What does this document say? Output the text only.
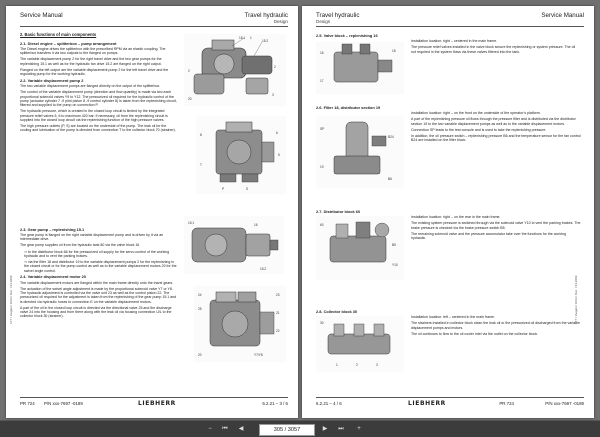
Service Manual	Travel hydraulic
Design
2. Basic functions of main components
2.1. Diesel engine – splitterbox – pump arrangement
The Diesel engine drives the splitterbox with the prescribed RPM via an elastic coupling. The splitterbox transfers it via two outputs to the flanged on pumps.
The variable displacement pump 2 for the right travel drive and the two gear pumps for the replenishing 15.1 as well as for the hydraulic fan drive 15.2 are flanged on the right output.
Flanged on the left output are the variable displacement pump 2 for the left travel drive and the regulating pump for the working hydraulic.
2.2. Variable displacement pump 2
The two variable displacement pumps are flanged directly on the output of the splitterbox.
The control of the variable displacement pump (direction and flow quantity) is made via two each proportional solenoid valves Y9 to Y12. The pressurized oil required for the hydraulic control of the pump (actuator cylinder 7 -9 pilot piston 8 -9 control cylinder 8) is taken from the replenishing circuit, filtered and supplied to the pump on connection P.
The hydraulic pressure, which is created in the closed loop circuit is limited by the integrated pressure relief valves 5, 6 to maximum 420 bar. If necessary, oil from the replenishing circuit is supplied into the closed loop circuit via the replenishing function of the high pressure valves.
The high pressure outlets (P, S) are located on the underside of the pump. The leak oil for the cooling and lubrication of the pump is directed from connection T to the collector block 70 (strainer).
2.3. Gear pump – replenishing 15.1
The gear pump is flanged on the right variable displacement pump and is driven by it via an intermediate drive.
The gear pump supplies oil from the hydraulic tank 80 via the valve block 16
⇒ to the distributor block 66 for the pressurized oil supply for the servo control of the working hydraulic and to vent the parking brakes.
⇒ via the filter 18 and distributor 19 to the variable displacement pumps 2 for the replenishing in the closed circuit or for the pump control as well as to the variable displacement motors 20 for the swivel angle control.
2.4. Variable displacement motor 20
The variable displacement motors are flanged within the main frame directly onto the travel gears.
The actuation of the swivel angle adjustment is made by the proportional solenoid valve Y7 or Y8. The hydraulic adjustment is controlled via the valve unit 23 as well as the control piston 22. The pressurized oil required for the adjustment is taken from the replenishing of the gear pump 15.1 and is directed via hydraulic hoses to connection E on the variable displacement motors.
A part of the oil in the closed loop circuit is directed via the directional valve 25 and the discharge valve 24 into the housing and from there along with the leak oil via housing connection U/L to the collector block 30 (strainer).
15.1 1
15.2
2
2
20
3
P	S
8	6
5
T
15.1	16
15.2
24
25
23
21
22
Y7/Y8
20
LFT / Inagaki / Orbit / Dec. / 04.2009
PR 724 P/N xxx-7697 -0189	LIEBHERR	6.2.21 – 3 / 6
Travel hydraulic
Design
Service Manual
2.5. Valve block – replenishing 16
Installation location: right – centered in the main frame.
The pressure relief valves installed in the valve block secure the replenishing or system pressure. The oil not required in the system flows via these valves filtered into the tank.
2.6. Filter 18, distributor section 19
Installation location: right – on the front on the underside of the operator’s platform.
A part of the replenishing pressure oil flows through the pressure filter and is distributed via the distributor section 19 to the two variable displacement pumps as well as to the variable displacement motors.
Connection SP leads to the test console and is used to take the replenishing pressure.
In addition, the oil pressure switch – replenishing pressure B6 and the temperature sensor for the fan control B24 are installed on the filter block.
2.7. Distributor block 60
Installation location: right – on the rear in the main frame.
The existing system pressure is switched through via the solenoid valve Y10 to vent the parking brakes. The brake pressure is checked via the brake pressure switch B5.
The remaining solenoid valve and the pressure accumulator take over the functions for the working hydraulic.
2.8. Collector block 30
Installation location: left – centered in the main frame.
The strainers installed in collector block clean the leak oil or the pressurized oil discharged from the variable displacement pumps and motors.
The oil continues to flow to the oil cooler inlet via the outlet on the collector block.
16
17
18
SP
19
B24
B6
60
B5
Y10
30
1	2	3
LFT / Inagaki / Orbit / Dec. / 04.2009
6.2.21 – 4 / 6	LIEBHERR	PR 724	P/N xxx-7697 -0189
−	⏮	◀	305 / 3057	▶	⏭	+
